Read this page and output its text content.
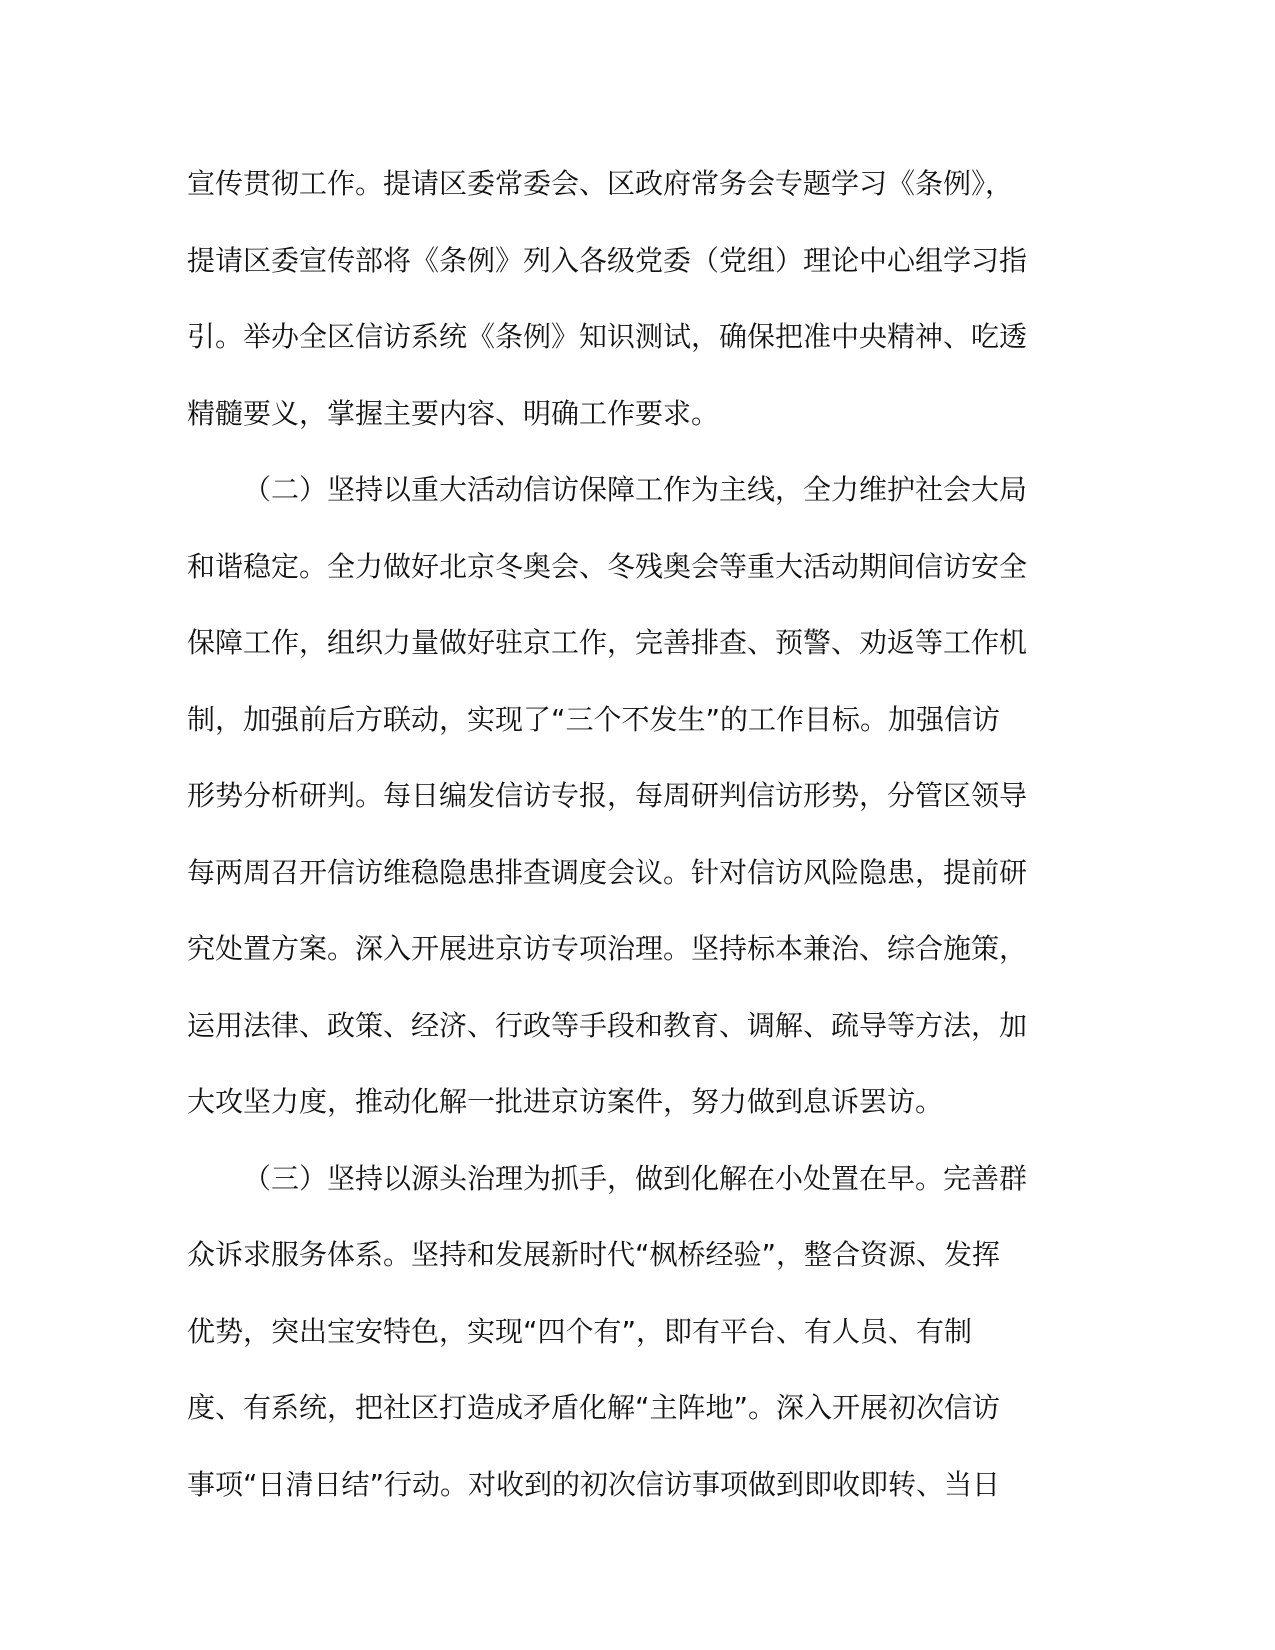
宣传贯彻工作。提请区委常委会、区政府常务会专题学习《条例》，
提请区委宣传部将《条例》列入各级党委（党组）理论中心组学习指
引。举办全区信访系统《条例》知识测试，确保把准中央精神、吃透
精髓要义，掌握主要内容、明确工作要求。
（二）坚持以重大活动信访保障工作为主线，全力维护社会大局
和谐稳定。全力做好北京冬奥会、冬残奥会等重大活动期间信访安全
保障工作，组织力量做好驻京工作，完善排查、预警、劝返等工作机
制，加强前后方联动，实现了“三个不发生”的工作目标。加强信访
形势分析研判。每日编发信访专报，每周研判信访形势，分管区领导
每两周召开信访维稳隐患排查调度会议。针对信访风险隐患，提前研
究处置方案。深入开展进京访专项治理。坚持标本兼治、综合施策，
运用法律、政策、经济、行政等手段和教育、调解、疏导等方法，加
大攻坚力度，推动化解一批进京访案件，努力做到息诉罢访。
（三）坚持以源头治理为抓手，做到化解在小处置在早。完善群
众诉求服务体系。坚持和发展新时代“枫桥经验”，整合资源、发挥
优势，突出宝安特色，实现“四个有”，即有平台、有人员、有制
度、有系统，把社区打造成矛盾化解“主阵地”。深入开展初次信访
事项“日清日结”行动。对收到的初次信访事项做到即收即转、当日
